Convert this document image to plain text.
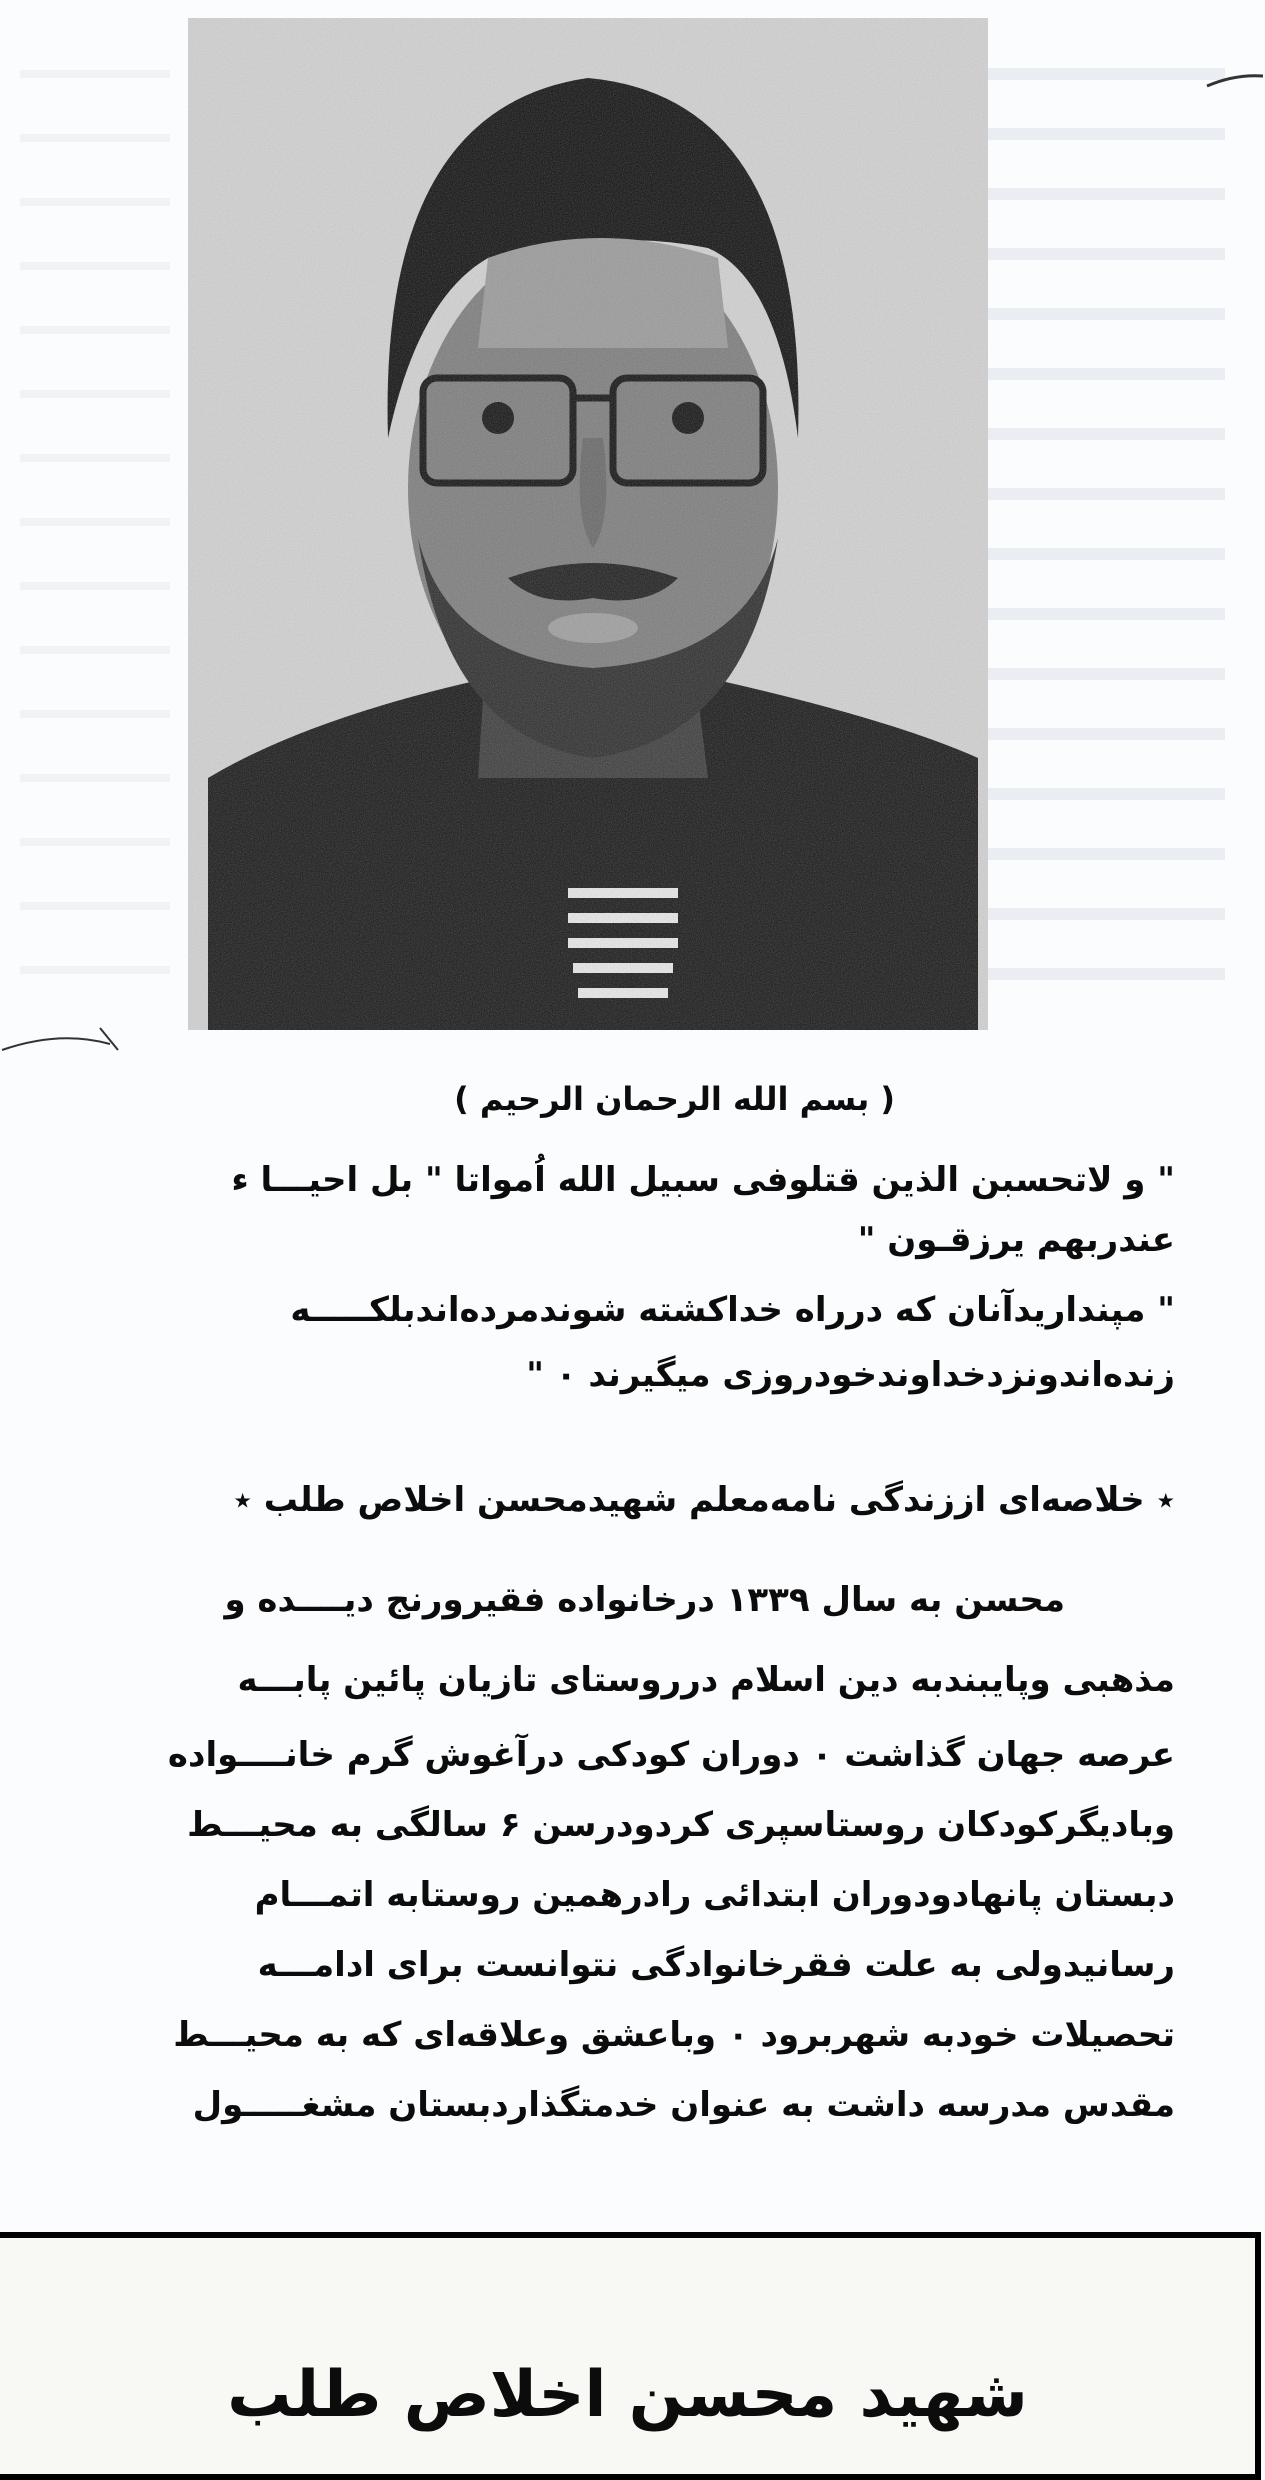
( بسم الله الرحمان الرحیم )
" و لاتحسبن الذین قتلوفی سبیل الله اُمواتا " بل احیـــا ء
عندربهم یرزقـون "
" مپنداریدآنان که درراه خداکشته شوندمرده‌اندبلکـــــه
زنده‌اندونزدخداوندخودروزی میگیرند ٠ "
٭ خلاصه‌ای اززندگی نامه‌معلم شهیدمحسن اخلاص طلب ٭
محسن به سال ۱۳۳۹ درخانواده فقیرورنج دیــــده و
مذهبی وپایبندبه دین اسلام درروستای تازیان پائین پابـــه
عرصه جهان گذاشت ٠ دوران کودکی درآغوش گرم خانــــواده
وبادیگرکودکان روستاسپری کردودرسن ۶ سالگی به محیـــط
دبستان پانهادودوران ابتدائی رادرهمین روستابه اتمـــام
رسانیدولی به علت فقرخانوادگی نتوانست برای ادامـــه
تحصیلات خودبه شهربرود ٠ وباعشق وعلاقه‌ای که به محیـــط
مقدس مدرسه داشت به عنوان خدمتگذاردبستان مشغـــــول
شهید محسن اخلاص طلب
